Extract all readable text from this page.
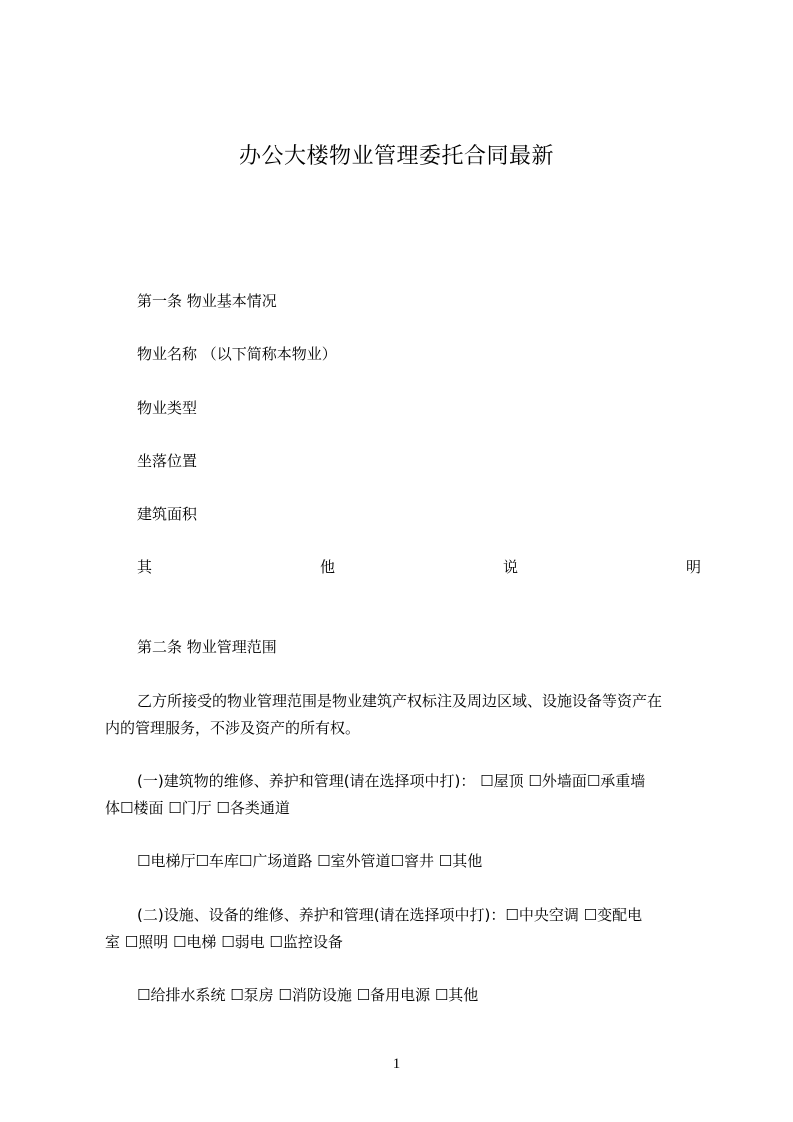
办公大楼物业管理委托合同最新
第一条 物业基本情况
物业名称 （以下简称本物业）
物业类型
坐落位置
建筑面积
其	他	说	明
第二条 物业管理范围
乙方所接受的物业管理范围是物业建筑产权标注及周边区域、设施设备等资产在
内的管理服务，不涉及资产的所有权。
(一)建筑物的维修、养护和管理(请在选择项中打)： ☐屋顶 ☐外墙面☐承重墙
体☐楼面 ☐门厅 ☐各类通道
☐电梯厅☐车库☐广场道路 ☐室外管道☐窨井 ☐其他
(二)设施、设备的维修、养护和管理(请在选择项中打)：☐中央空调 ☐变配电
室 ☐照明 ☐电梯 ☐弱电 ☐监控设备
☐给排水系统 ☐泵房 ☐消防设施 ☐备用电源 ☐其他
1
